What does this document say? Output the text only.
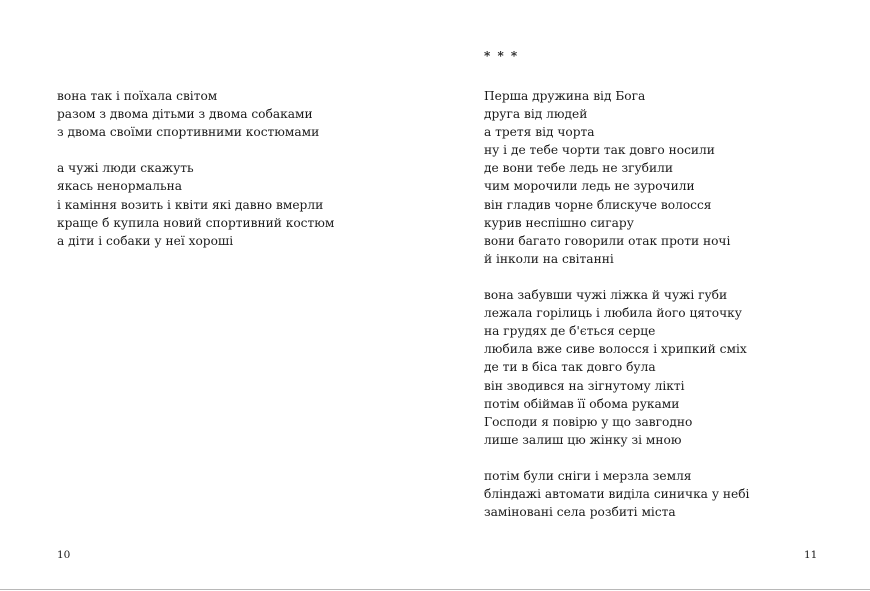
вона так і поїхала світом
разом з двома дітьми з двома собаками
з двома своїми спортивними костюмами
а чужі люди скажуть
якась ненормальна
і каміння возить і квіти які давно вмерли
краще б купила новий спортивний костюм
а діти і собаки у неї хороші
10
* * *
Перша дружина від Бога
друга від людей
а третя від чорта
ну і де тебе чорти так довго носили
де вони тебе ледь не згубили
чим морочили ледь не зурочили
він гладив чорне блискуче волосся
курив неспішно сигару
вони багато говорили отак проти ночі
й інколи на світанні
вона забувши чужі ліжка й чужі губи
лежала горілиць і любила його цяточку
на грудях де б'ється серце
любила вже сиве волосся і хрипкий сміх
де ти в біса так довго була
він зводився на зігнутому лікті
потім обіймав її обома руками
Господи я повірю у що завгодно
лише залиш цю жінку зі мною
потім були сніги і мерзла земля
бліндажі автомати виділа синичка у небі
заміновані села розбиті міста
11
